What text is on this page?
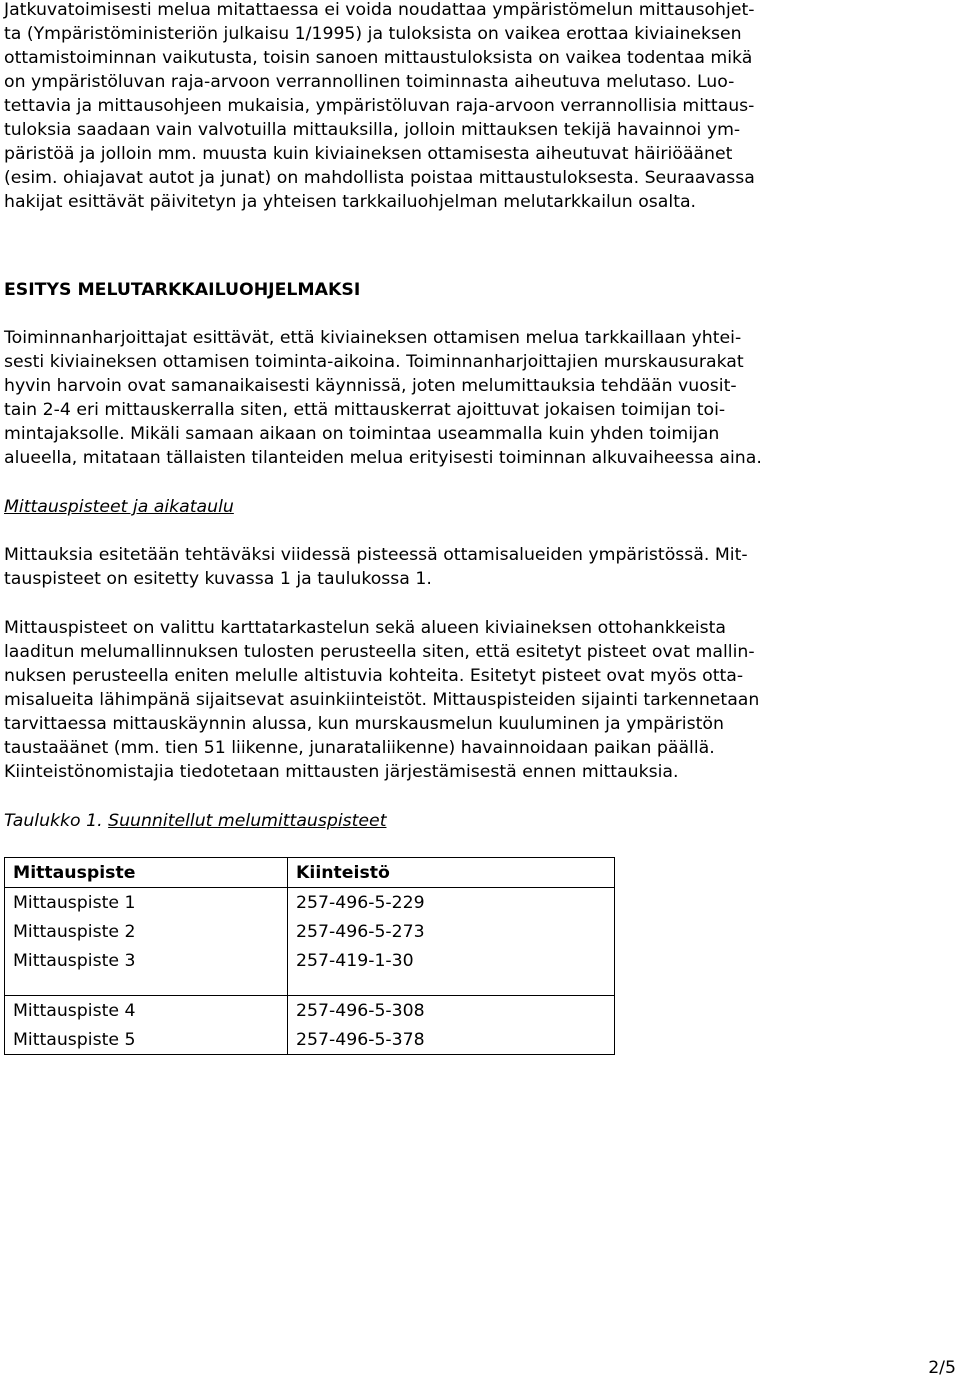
Jatkuvatoimisesti melua mitattaessa ei voida noudattaa ympäristömelun mittausohjet-
ta (Ympäristöministeriön julkaisu 1/1995) ja tuloksista on vaikea erottaa kiviaineksen
ottamistoiminnan vaikutusta, toisin sanoen mittaustuloksista on vaikea todentaa mikä
on ympäristöluvan raja-arvoon verrannollinen toiminnasta aiheutuva melutaso. Luo-
tettavia ja mittausohjeen mukaisia, ympäristöluvan raja-arvoon verrannollisia mittaus-
tuloksia saadaan vain valvotuilla mittauksilla, jolloin mittauksen tekijä havainnoi ym-
päristöä ja jolloin mm. muusta kuin kiviaineksen ottamisesta aiheutuvat häiriöäänet
(esim. ohiajavat autot ja junat) on mahdollista poistaa mittaustuloksesta. Seuraavassa
hakijat esittävät päivitetyn ja yhteisen tarkkailuohjelman melutarkkailun osalta.
ESITYS MELUTARKKAILUOHJELMAKSI
Toiminnanharjoittajat esittävät, että kiviaineksen ottamisen melua tarkkaillaan yhtei-
sesti kiviaineksen ottamisen toiminta-aikoina. Toiminnanharjoittajien murskausurakat
hyvin harvoin ovat samanaikaisesti käynnissä, joten melumittauksia tehdään vuosit-
tain 2-4 eri mittauskerralla siten, että mittauskerrat ajoittuvat jokaisen toimijan toi-
mintajaksolle. Mikäli samaan aikaan on toimintaa useammalla kuin yhden toimijan
alueella, mitataan tällaisten tilanteiden melua erityisesti toiminnan alkuvaiheessa aina.
Mittauspisteet ja aikataulu
Mittauksia esitetään tehtäväksi viidessä pisteessä ottamisalueiden ympäristössä. Mit-
tauspisteet on esitetty kuvassa 1 ja taulukossa 1.
Mittauspisteet on valittu karttatarkastelun sekä alueen kiviaineksen ottohankkeista
laaditun melumallinnuksen tulosten perusteella siten, että esitetyt pisteet ovat mallin-
nuksen perusteella eniten melulle altistuvia kohteita. Esitetyt pisteet ovat myös otta-
misalueita lähimpänä sijaitsevat asuinkiinteistöt. Mittauspisteiden sijainti tarkennetaan
tarvittaessa mittauskäynnin alussa, kun murskausmelun kuuluminen ja ympäristön
taustaäänet (mm. tien 51 liikenne, junarataliikenne) havainnoidaan paikan päällä.
Kiinteistönomistajia tiedotetaan mittausten järjestämisestä ennen mittauksia.
Taulukko 1. Suunnitellut melumittauspisteet
Mittauspiste	Kiinteistö
Mittauspiste 1	257-496-5-229
Mittauspiste 2	257-496-5-273
Mittauspiste 3	257-419-1-30

Mittauspiste 4	257-496-5-308
Mittauspiste 5	257-496-5-378
2/5
